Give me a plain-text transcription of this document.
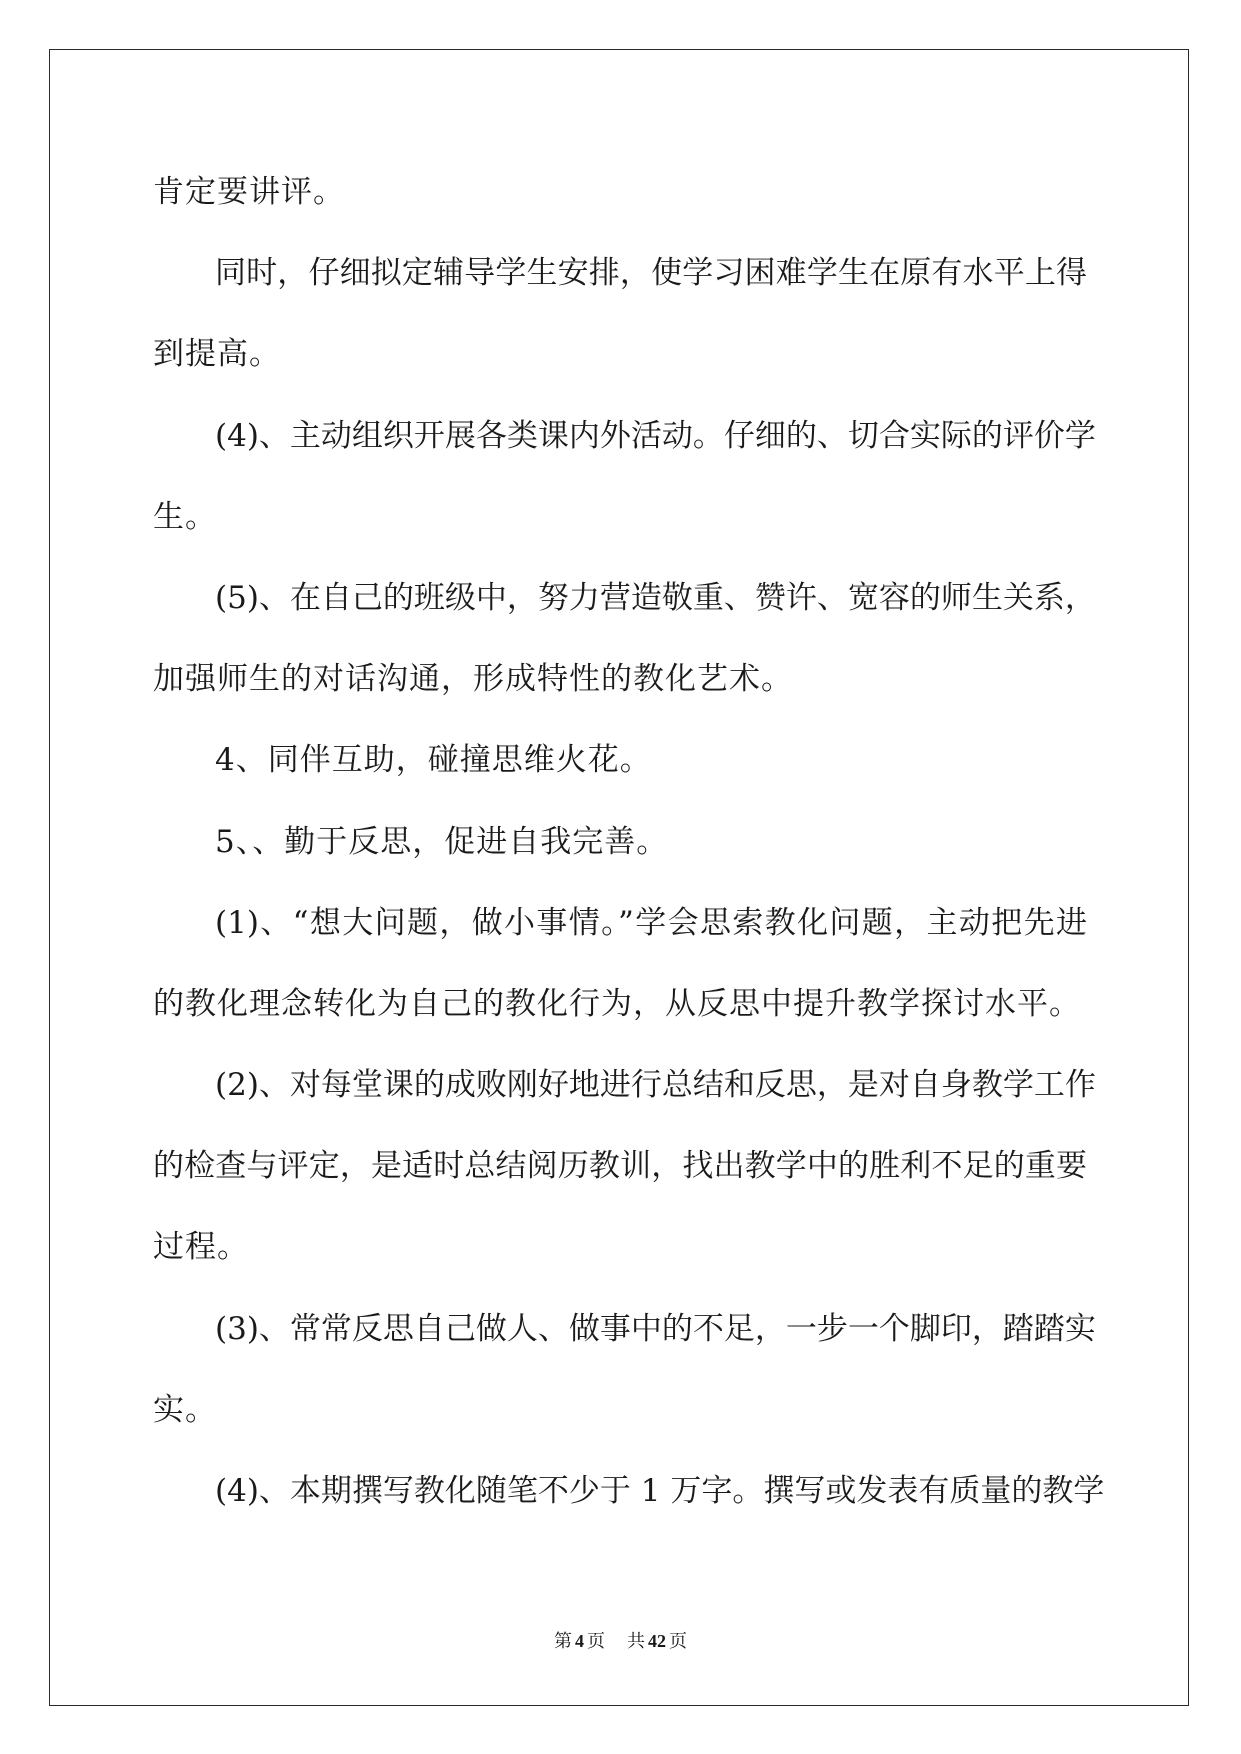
肯定要讲评。
同时，仔细拟定辅导学生安排，使学习困难学生在原有水平上得
到提高。
(4)、主动组织开展各类课内外活动。仔细的、切合实际的评价学
生。
(5)、在自己的班级中，努力营造敬重、赞许、宽容的师生关系，
加强师生的对话沟通，形成特性的教化艺术。
4、同伴互助，碰撞思维火花。
5、、勤于反思，促进自我完善。
(1)、“想大问题，做小事情。”学会思索教化问题，主动把先进
的教化理念转化为自己的教化行为，从反思中提升教学探讨水平。
(2)、对每堂课的成败刚好地进行总结和反思，是对自身教学工作
的检查与评定，是适时总结阅历教训，找出教学中的胜利不足的重要
过程。
(3)、常常反思自己做人、做事中的不足，一步一个脚印，踏踏实
实。
(4)、本期撰写教化随笔不少于 1 万字。撰写或发表有质量的教学
第 4 页 共 42 页
